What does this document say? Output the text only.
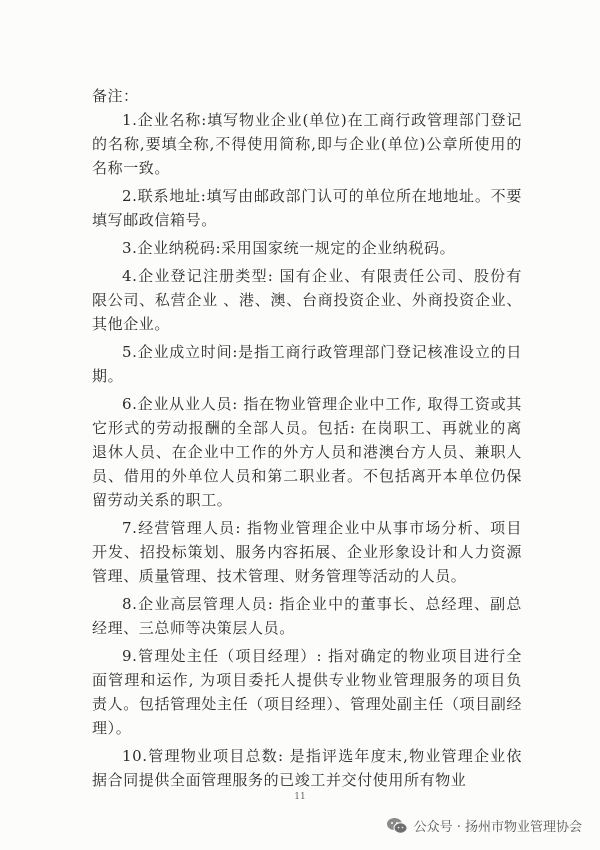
备注：

1.企业名称:填写物业企业(单位)在工商行政管理部门登记的名称,要填全称,不得使用简称,即与企业(单位)公章所使用的名称一致。

2.联系地址:填写由邮政部门认可的单位所在地地址。不要填写邮政信箱号。

3.企业纳税码:采用国家统一规定的企业纳税码。

4.企业登记注册类型: 国有企业、有限责任公司、股份有限公司、私营企业 、港、澳、台商投资企业、外商投资企业、其他企业。

5.企业成立时间:是指工商行政管理部门登记核准设立的日期。

6.企业从业人员: 指在物业管理企业中工作, 取得工资或其它形式的劳动报酬的全部人员。包括: 在岗职工、再就业的离退休人员、在企业中工作的外方人员和港澳台方人员、兼职人员、借用的外单位人员和第二职业者。不包括离开本单位仍保留劳动关系的职工。

7.经营管理人员: 指物业管理企业中从事市场分析、项目开发、招投标策划、服务内容拓展、企业形象设计和人力资源管理、质量管理、技术管理、财务管理等活动的人员。

8.企业高层管理人员: 指企业中的董事长、总经理、副总经理、三总师等决策层人员。

9.管理处主任（项目经理）: 指对确定的物业项目进行全面管理和运作, 为项目委托人提供专业物业管理服务的项目负责人。包括管理处主任（项目经理）、管理处副主任（项目副经理）。

10.管理物业项目总数: 是指评选年度末,物业管理企业依据合同提供全面管理服务的已竣工并交付使用所有物业

11
公众号 · 扬州市物业管理协会
